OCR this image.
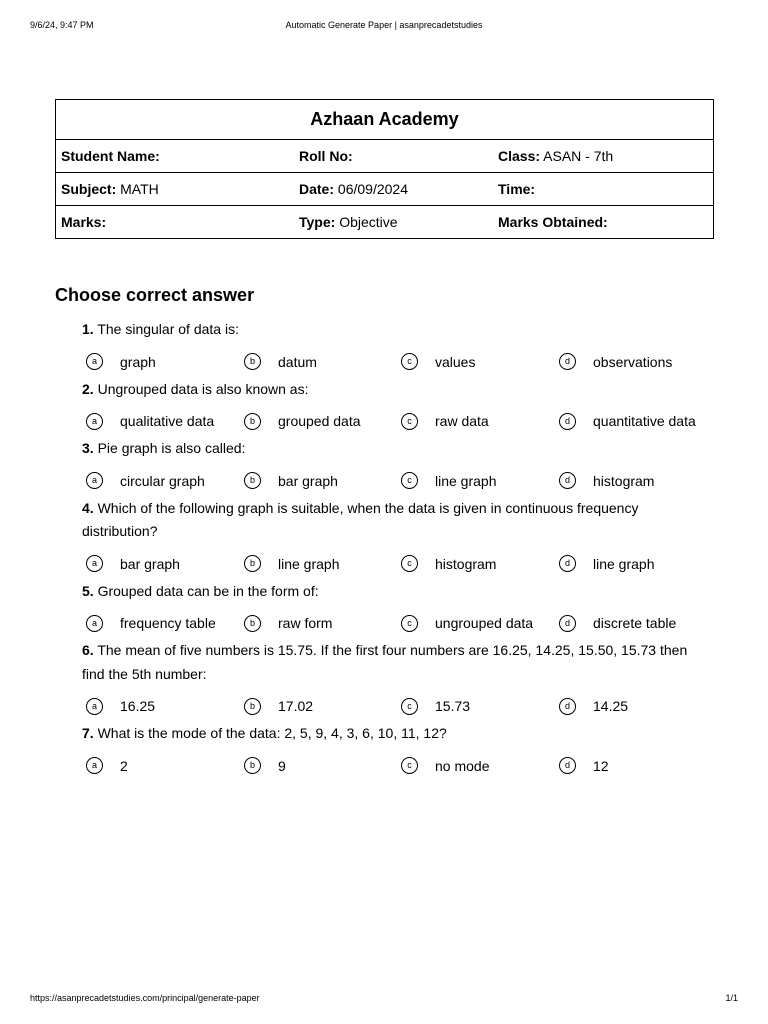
9/6/24, 9:47 PM	Automatic Generate Paper | asanprecadetstudies
Azhaan Academy		
Student Name:	Roll No:	Class: ASAN - 7th
Subject: MATH	Date: 06/09/2024	Time:
Marks:	Type: Objective	Marks Obtained:
Choose correct answer
1. The singular of data is:
a	graph	b	datum	c	values	d	observations
2. Ungrouped data is also known as:
a	qualitative data	b	grouped data	c	raw data	d	quantitative data
3. Pie graph is also called:
a	circular graph	b	bar graph	c	line graph	d	histogram
4. Which of the following graph is suitable, when the data is given in continuous frequency distribution?
a	bar graph	b	line graph	c	histogram	d	line graph
5. Grouped data can be in the form of:
a	frequency table	b	raw form	c	ungrouped data	d	discrete table
6. The mean of five numbers is 15.75. If the first four numbers are 16.25, 14.25, 15.50, 15.73 then find the 5th number:
a	16.25	b	17.02	c	15.73	d	14.25
7. What is the mode of the data: 2, 5, 9, 4, 3, 6, 10, 11, 12?
a	2	b	9	c	no mode	d	12
https://asanprecadetstudies.com/principal/generate-paper	1/1
